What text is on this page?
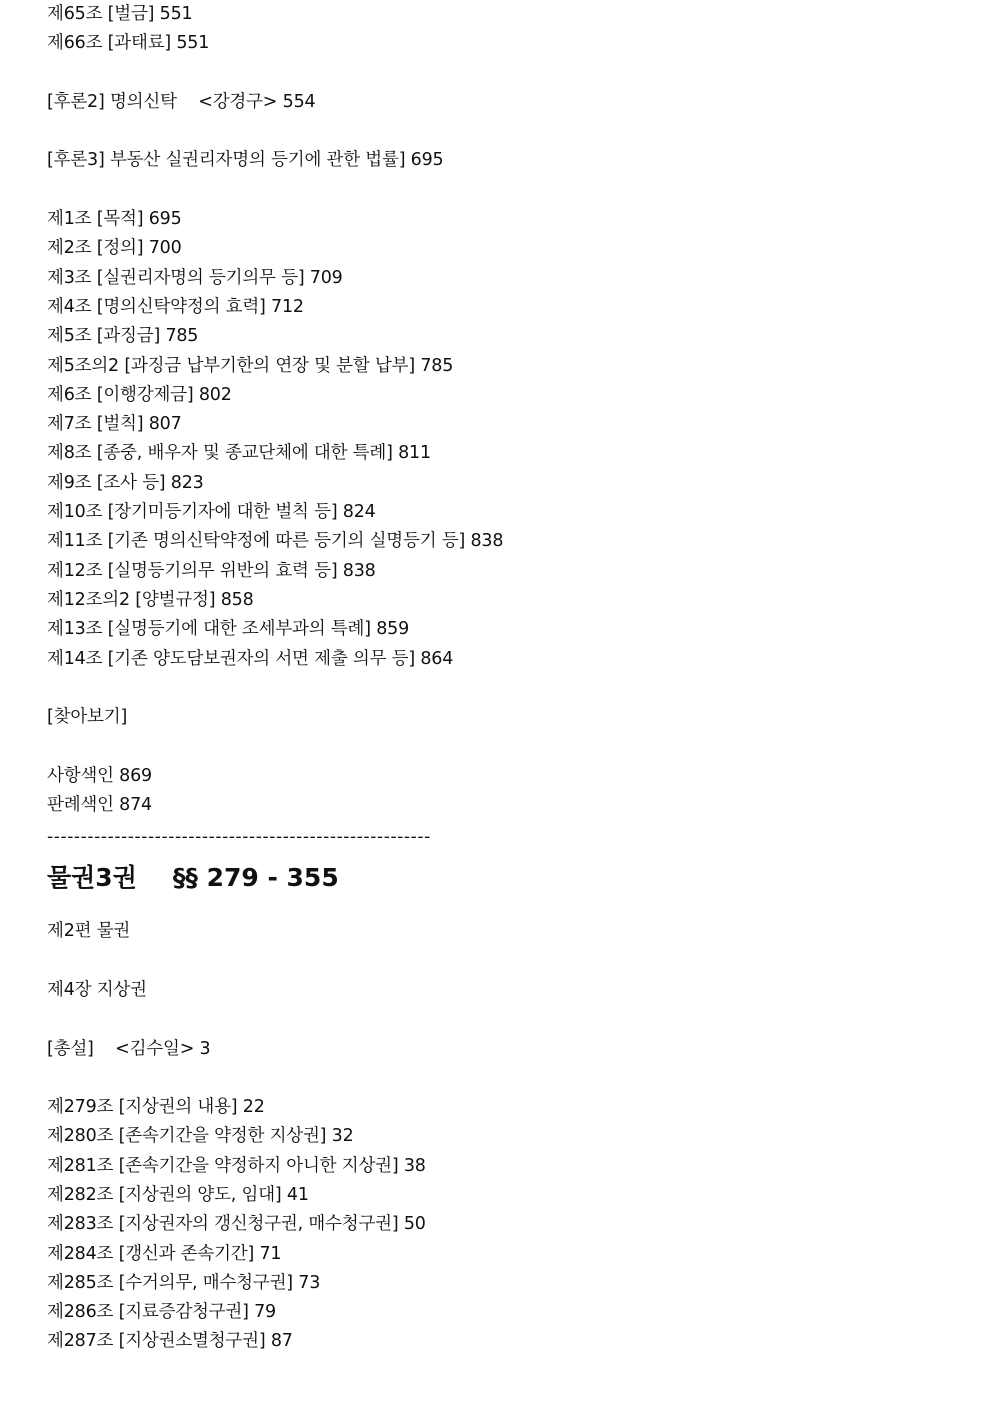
제65조 [벌금] 551
제66조 [과태료] 551
[후론2] 명의신탁    <강경구> 554
[후론3] 부동산 실권리자명의 등기에 관한 법률] 695
제1조 [목적] 695
제2조 [정의] 700
제3조 [실권리자명의 등기의무 등] 709
제4조 [명의신탁약정의 효력] 712
제5조 [과징금] 785
제5조의2 [과징금 납부기한의 연장 및 분할 납부] 785
제6조 [이행강제금] 802
제7조 [벌칙] 807
제8조 [종중, 배우자 및 종교단체에 대한 특례] 811
제9조 [조사 등] 823
제10조 [장기미등기자에 대한 벌칙 등] 824
제11조 [기존 명의신탁약정에 따른 등기의 실명등기 등] 838
제12조 [실명등기의무 위반의 효력 등] 838
제12조의2 [양벌규정] 858
제13조 [실명등기에 대한 조세부과의 특례] 859
제14조 [기존 양도담보권자의 서면 제출 의무 등] 864
[찾아보기]
사항색인 869
판례색인 874
---------------------------------------------------------
물권3권 §§ 279 - 355
제2편 물권
제4장 지상권
[총설]    <김수일> 3
제279조 [지상권의 내용] 22
제280조 [존속기간을 약정한 지상권] 32
제281조 [존속기간을 약정하지 아니한 지상권] 38
제282조 [지상권의 양도, 임대] 41
제283조 [지상권자의 갱신청구권, 매수청구권] 50
제284조 [갱신과 존속기간] 71
제285조 [수거의무, 매수청구권] 73
제286조 [지료증감청구권] 79
제287조 [지상권소멸청구권] 87
